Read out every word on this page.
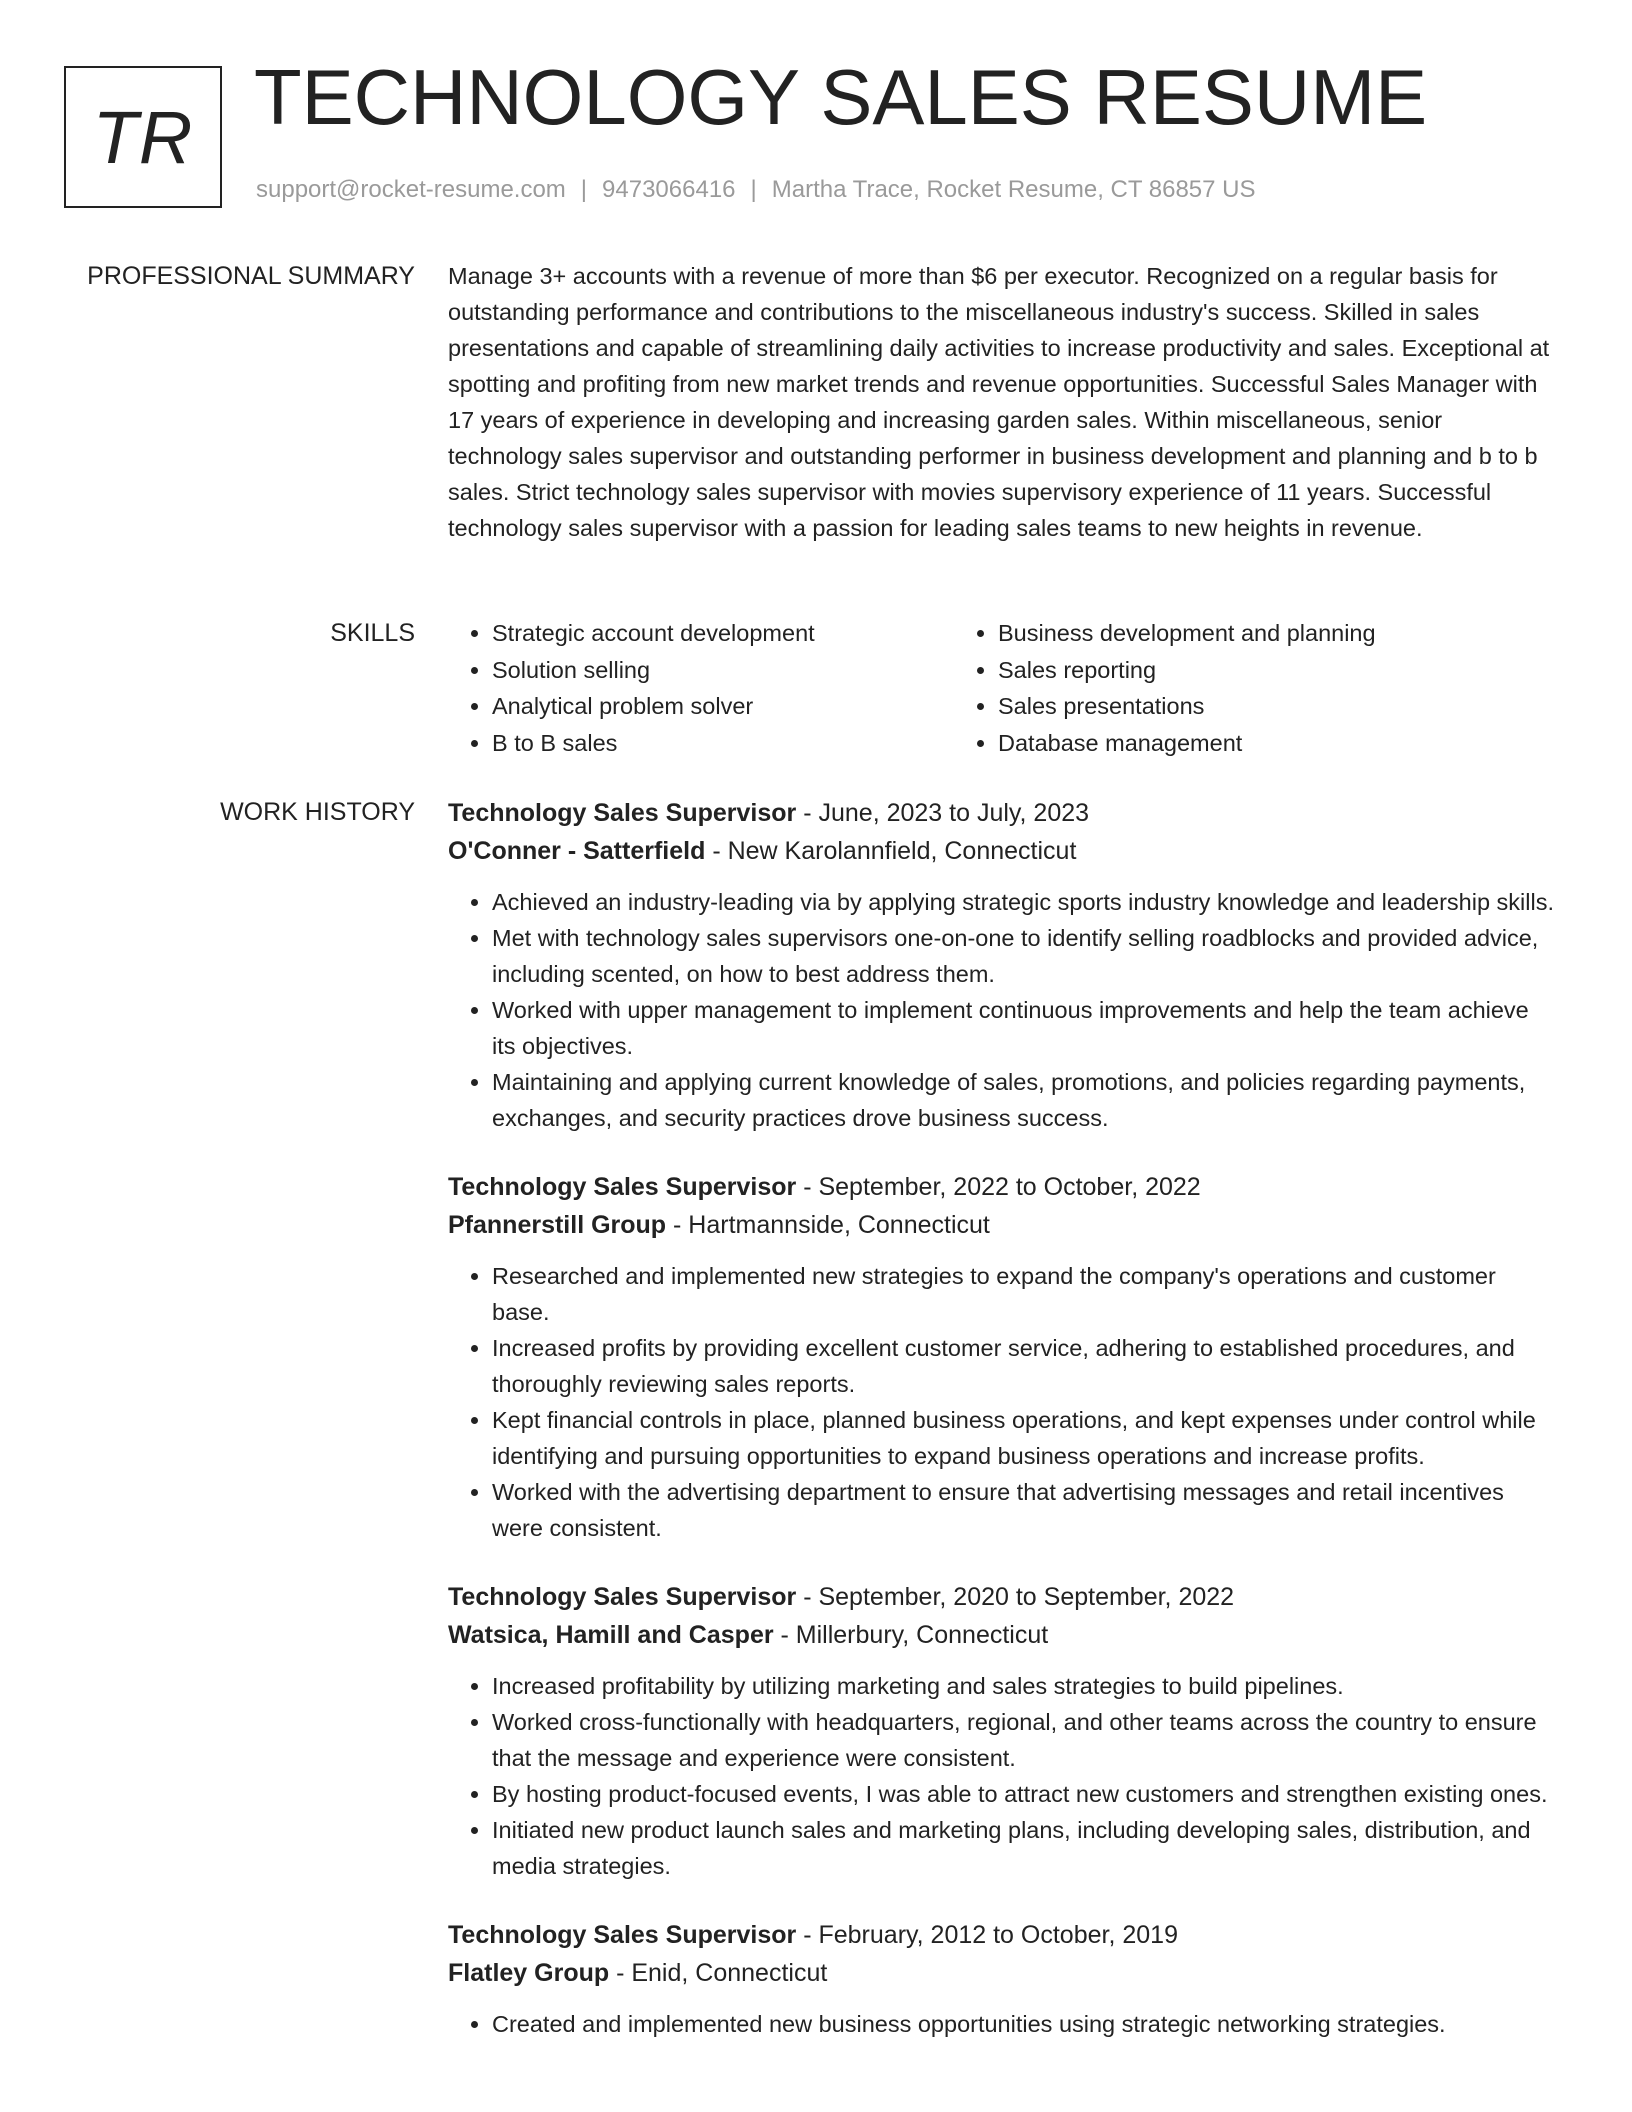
TR TECHNOLOGY SALES RESUME
support@rocket-resume.com | 9473066416 | Martha Trace, Rocket Resume, CT 86857 US
PROFESSIONAL SUMMARY Manage 3+ accounts with a revenue of more than $6 per executor. Recognized on a regular basis for outstanding performance and contributions to the miscellaneous industry's success. Skilled in sales presentations and capable of streamlining daily activities to increase productivity and sales. Exceptional at spotting and profiting from new market trends and revenue opportunities. Successful Sales Manager with 17 years of experience in developing and increasing garden sales. Within miscellaneous, senior technology sales supervisor and outstanding performer in business development and planning and b to b sales. Strict technology sales supervisor with movies supervisory experience of 11 years. Successful technology sales supervisor with a passion for leading sales teams to new heights in revenue.

SKILLS
•	Strategic account development
• Solution selling
• Analytical problem solver
• B to B sales
• Business development and planning
• Sales reporting
• Sales presentations
• Database management
WORK HISTORY Technology Sales Supervisor - June, 2023 to July, 2023
O'Conner - Satterfield - New Karolannfield, Connecticut
• Achieved an industry-leading via by applying strategic sports industry knowledge and leadership skills.
• Met with technology sales supervisors one-on-one to identify selling roadblocks and provided advice, including scented, on how to best address them.
• Worked with upper management to implement continuous improvements and help the team achieve its objectives.
• Maintaining and applying current knowledge of sales, promotions, and policies regarding payments, exchanges, and security practices drove business success.
Technology Sales Supervisor - September, 2022 to October, 2022
Pfannerstill Group - Hartmannside, Connecticut
• Researched and implemented new strategies to expand the company's operations and customer base.
• Increased profits by providing excellent customer service, adhering to established procedures, and thoroughly reviewing sales reports.
• Kept financial controls in place, planned business operations, and kept expenses under control while identifying and pursuing opportunities to expand business operations and increase profits.
• Worked with the advertising department to ensure that advertising messages and retail incentives were consistent.
Technology Sales Supervisor - September, 2020 to September, 2022
Watsica, Hamill and Casper - Millerbury, Connecticut
• Increased profitability by utilizing marketing and sales strategies to build pipelines.
• Worked cross-functionally with headquarters, regional, and other teams across the country to ensure that the message and experience were consistent.
• By hosting product-focused events, I was able to attract new customers and strengthen existing ones.
• Initiated new product launch sales and marketing plans, including developing sales, distribution, and media strategies.
Technology Sales Supervisor - February, 2012 to October, 2019
Flatley Group - Enid, Connecticut
• Created and implemented new business opportunities using strategic networking strategies.
